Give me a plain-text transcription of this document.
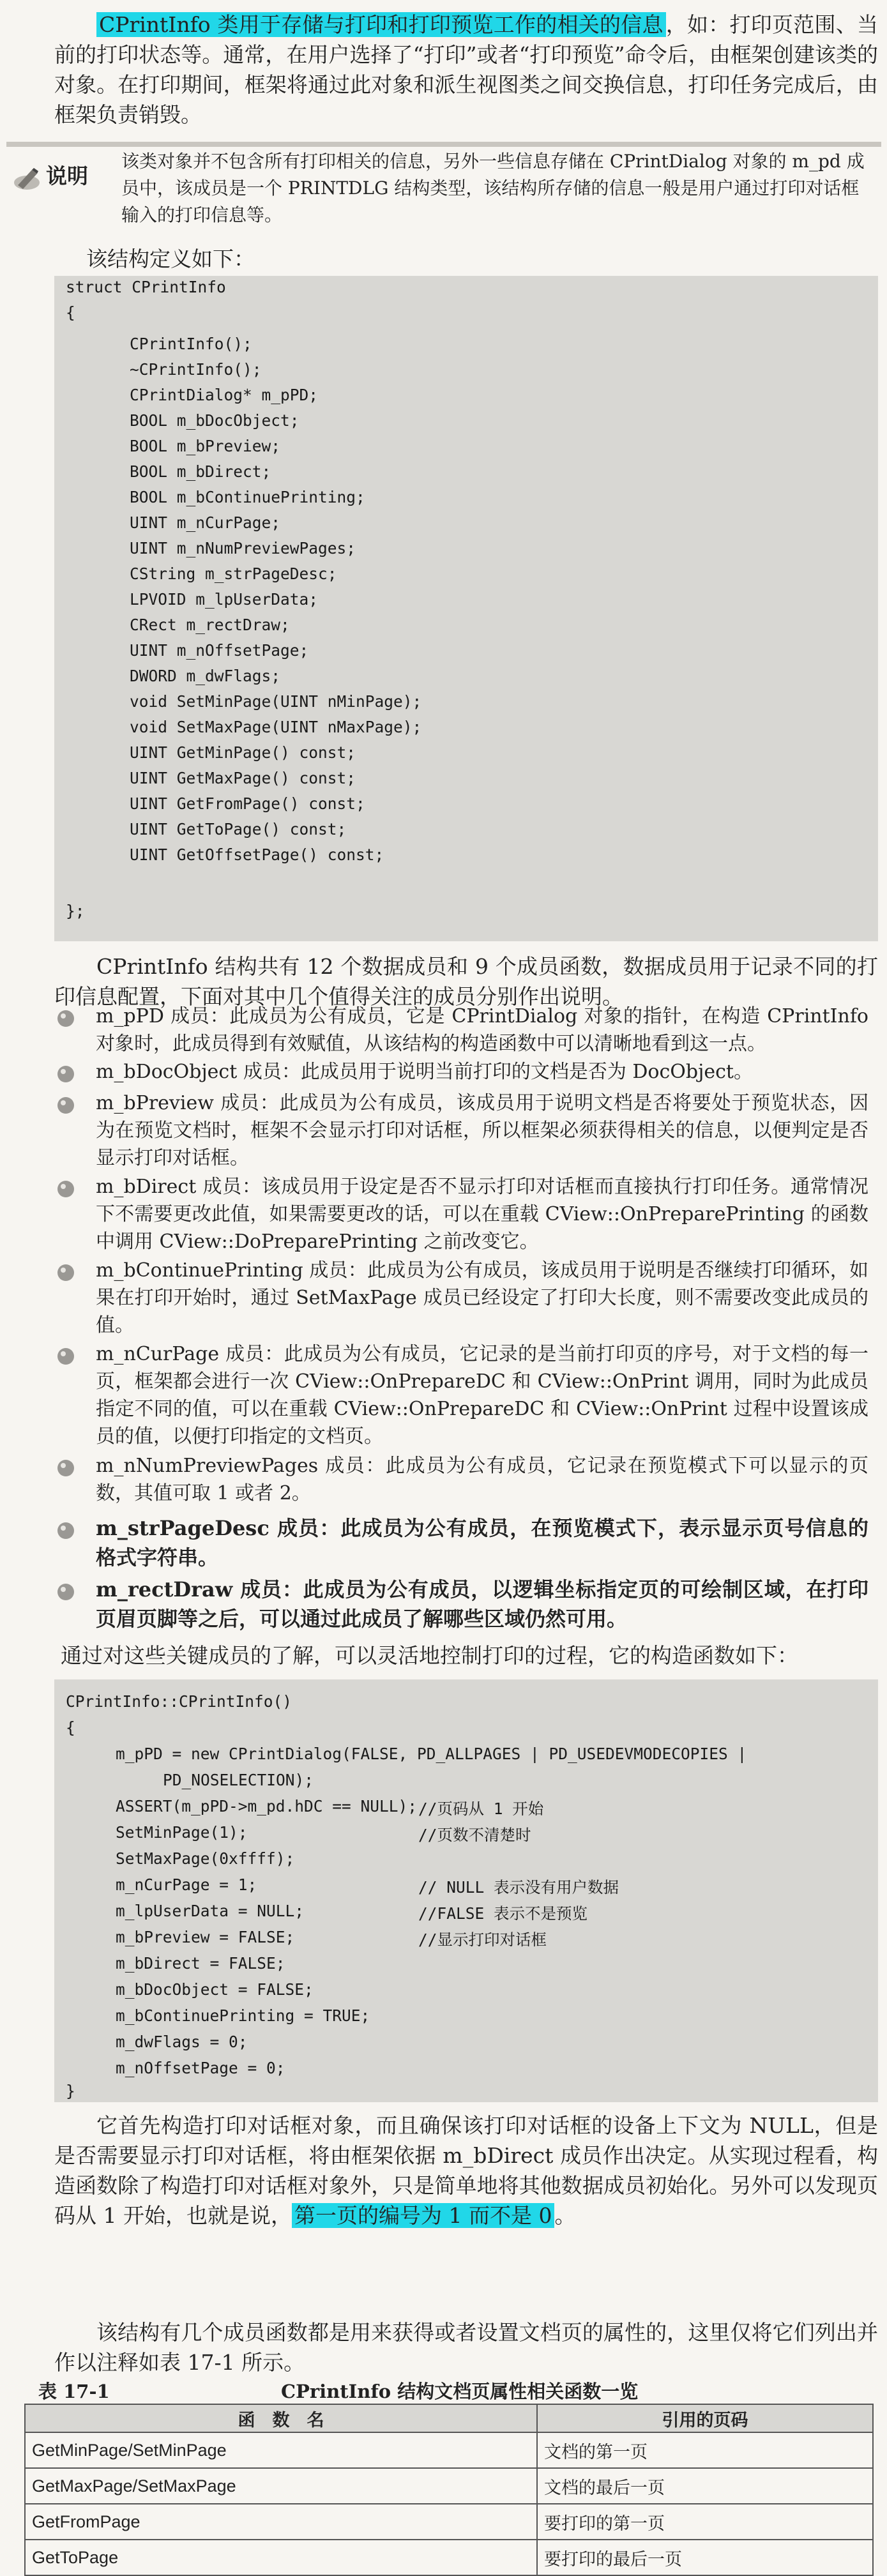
CPrintInfo 类用于存储与打印和打印预览工作的相关的信息 ，如：打印页范围、当前的打印状态等。通常，在用户选择了“打印”或者“打印预览”命令后，由框架创建该类的对象。在打印期间，框架将通过此对象和派生视图类之间交换信息，打印任务完成后，由框架负责销毁。

说明

该类对象并不包含所有打印相关的信息，另外一些信息存储在 CPrintDialog 对象的 m_pd 成员中，该成员是一个 PRINTDLG 结构类型，该结构所存储的信息一般是用户通过打印对话框输入的打印信息等。

该结构定义如下：

struct CPrintInfo
{
CPrintInfo();
~CPrintInfo();
CPrintDialog* m_pPD;
BOOL m_bDocObject;
BOOL m_bPreview;
BOOL m_bDirect;
BOOL m_bContinuePrinting;
UINT m_nCurPage;
UINT m_nNumPreviewPages;
CString m_strPageDesc;
LPVOID m_lpUserData;
CRect m_rectDraw;
UINT m_nOffsetPage;
DWORD m_dwFlags;
void SetMinPage(UINT nMinPage);
void SetMaxPage(UINT nMaxPage);
UINT GetMinPage() const;
UINT GetMaxPage() const;
UINT GetFromPage() const;
UINT GetToPage() const;
UINT GetOffsetPage() const;
};

CPrintInfo 结构共有 12 个数据成员和 9 个成员函数，数据成员用于记录不同的打印信息配置，下面对其中几个值得关注的成员分别作出说明。

m_pPD 成员：此成员为公有成员，它是 CPrintDialog 对象的指针，在构造 CPrintInfo 对象时，此成员得到有效赋值，从该结构的构造函数中可以清晰地看到这一点。

m_bDocObject 成员：此成员用于说明当前打印的文档是否为 DocObject。

m_bPreview 成员：此成员为公有成员，该成员用于说明文档是否将要处于预览状态，因为在预览文档时，框架不会显示打印对话框，所以框架必须获得相关的信息，以便判定是否显示打印对话框。

m_bDirect 成员：该成员用于设定是否不显示打印对话框而直接执行打印任务。通常情况下不需要更改此值，如果需要更改的话，可以在重载 CView::OnPreparePrinting 的函数中调用 CView::DoPreparePrinting 之前改变它。

m_bContinuePrinting 成员：此成员为公有成员，该成员用于说明是否继续打印循环，如果在打印开始时，通过 SetMaxPage 成员已经设定了打印大长度，则不需要改变此成员的值。

m_nCurPage 成员：此成员为公有成员，它记录的是当前打印页的序号，对于文档的每一页，框架都会进行一次 CView::OnPrepareDC 和 CView::OnPrint 调用，同时为此成员指定不同的值，可以在重载 CView::OnPrepareDC 和 CView::OnPrint 过程中设置该成员的值，以便打印指定的文档页。

m_nNumPreviewPages 成员：此成员为公有成员，它记录在预览模式下可以显示的页数，其值可取 1 或者 2。

m_strPageDesc 成员：此成员为公有成员，在预览模式下，表示显示页号信息的格式字符串。

m_rectDraw 成员：此成员为公有成员，以逻辑坐标指定页的可绘制区域，在打印页眉页脚等之后，可以通过此成员了解哪些区域仍然可用。

通过对这些关键成员的了解，可以灵活地控制打印的过程，它的构造函数如下：

CPrintInfo::CPrintInfo()
{
m_pPD = new CPrintDialog(FALSE, PD_ALLPAGES | PD_USEDEVMODECOPIES |
PD_NOSELECTION);
ASSERT(m_pPD->m_pd.hDC == NULL);
SetMinPage(1);
SetMaxPage(0xffff);
m_nCurPage = 1;
m_lpUserData = NULL;
m_bPreview = FALSE;
m_bDirect = FALSE;
m_bDocObject = FALSE;
m_bContinuePrinting = TRUE;
m_dwFlags = 0;
m_nOffsetPage = 0;
}
//页码从 1 开始
//页数不清楚时
// NULL 表示没有用户数据
//FALSE 表示不是预览
//显示打印对话框

它首先构造打印对话框对象，而且确保该打印对话框的设备上下文为 NULL，但是是否需要显示打印对话框，将由框架依据 m_bDirect 成员作出决定。从实现过程看，构造函数除了构造打印对话框对象外，只是简单地将其他数据成员初始化。另外可以发现页码从 1 开始，也就是说， 第一页的编号为 1 而不是 0 。

该结构有几个成员函数都是用来获得或者设置文档页的属性的，这里仅将它们列出并作以注释如表 17-1 所示。

表 17-1	CPrintInfo 结构文档页属性相关函数一览
函　数　名	引用的页码
GetMinPage/SetMinPage	文档的第一页
GetMaxPage/SetMaxPage	文档的最后一页
GetFromPage	要打印的第一页
GetToPage	要打印的最后一页
